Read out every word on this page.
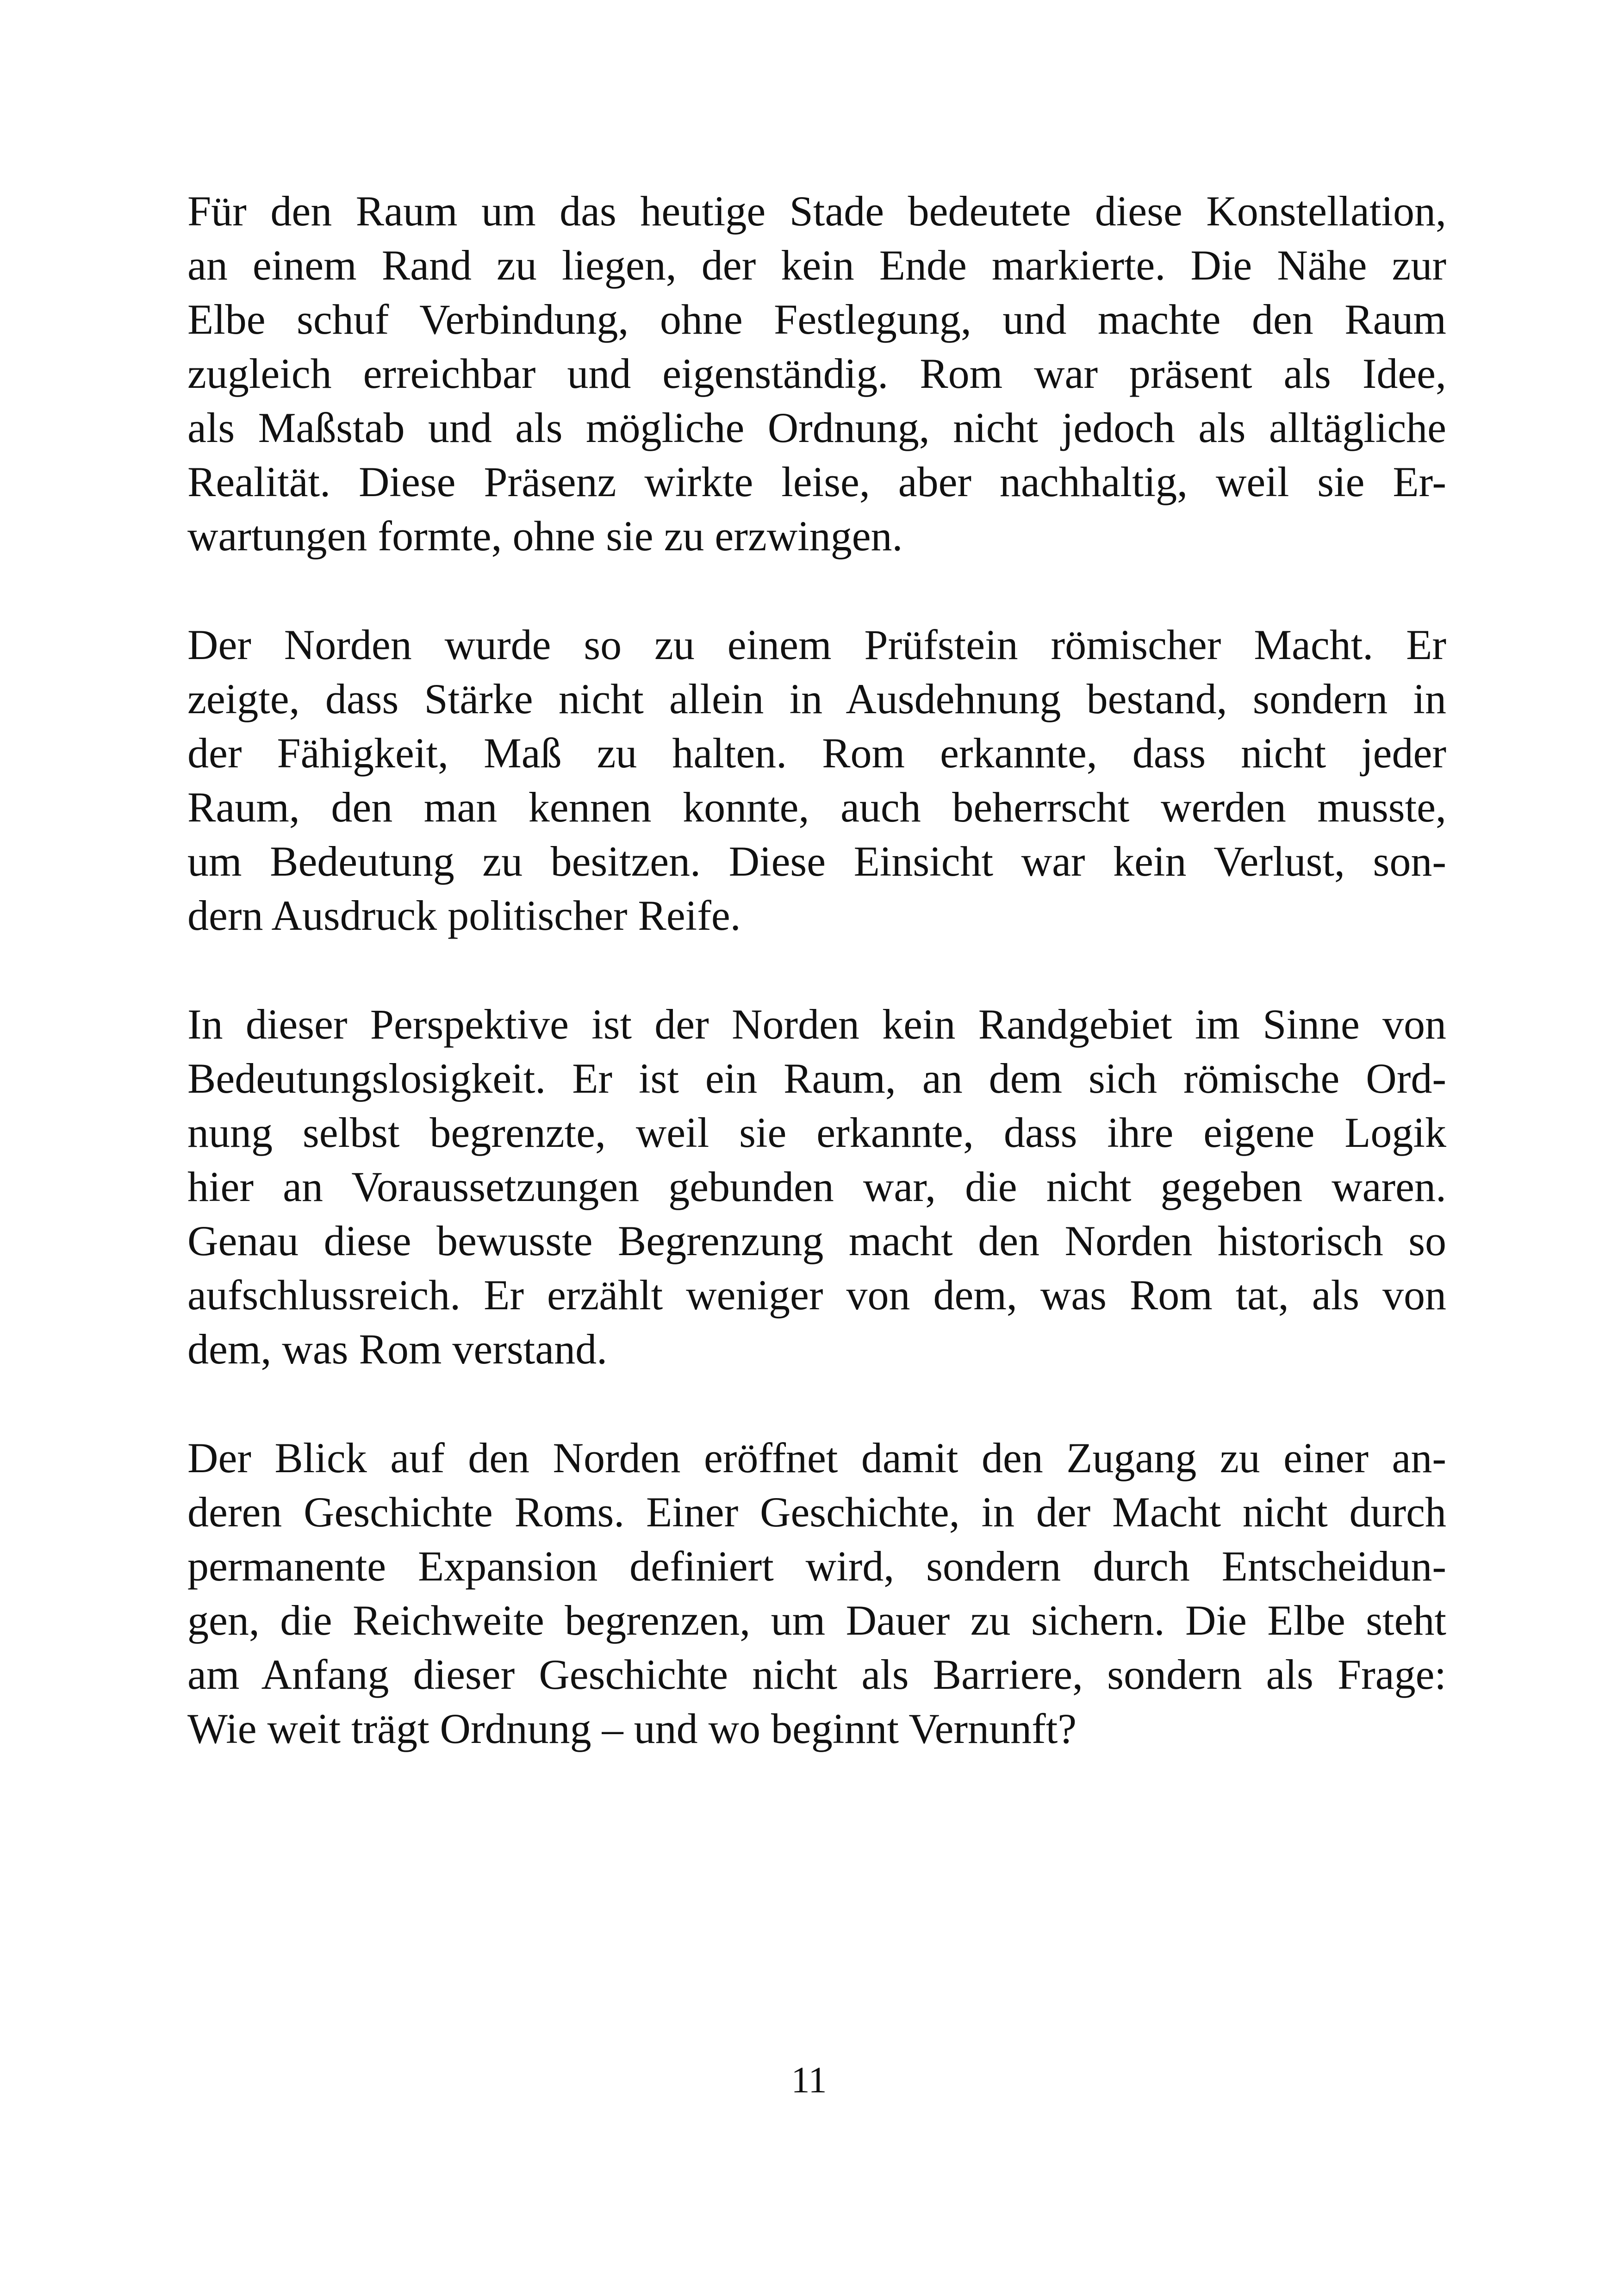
Für den Raum um das heutige Stade bedeutete diese Konstellation,
an einem Rand zu liegen, der kein Ende markierte. Die Nähe zur
Elbe schuf Verbindung, ohne Festlegung, und machte den Raum
zugleich erreichbar und eigenständig. Rom war präsent als Idee,
als Maßstab und als mögliche Ordnung, nicht jedoch als alltägliche
Realität. Diese Präsenz wirkte leise, aber nachhaltig, weil sie Er-
wartungen formte, ohne sie zu erzwingen.

Der Norden wurde so zu einem Prüfstein römischer Macht. Er
zeigte, dass Stärke nicht allein in Ausdehnung bestand, sondern in
der Fähigkeit, Maß zu halten. Rom erkannte, dass nicht jeder
Raum, den man kennen konnte, auch beherrscht werden musste,
um Bedeutung zu besitzen. Diese Einsicht war kein Verlust, son-
dern Ausdruck politischer Reife.

In dieser Perspektive ist der Norden kein Randgebiet im Sinne von
Bedeutungslosigkeit. Er ist ein Raum, an dem sich römische Ord-
nung selbst begrenzte, weil sie erkannte, dass ihre eigene Logik
hier an Voraussetzungen gebunden war, die nicht gegeben waren.
Genau diese bewusste Begrenzung macht den Norden historisch so
aufschlussreich. Er erzählt weniger von dem, was Rom tat, als von
dem, was Rom verstand.

Der Blick auf den Norden eröffnet damit den Zugang zu einer an-
deren Geschichte Roms. Einer Geschichte, in der Macht nicht durch
permanente Expansion definiert wird, sondern durch Entscheidun-
gen, die Reichweite begrenzen, um Dauer zu sichern. Die Elbe steht
am Anfang dieser Geschichte nicht als Barriere, sondern als Frage:
Wie weit trägt Ordnung – und wo beginnt Vernunft?

11
